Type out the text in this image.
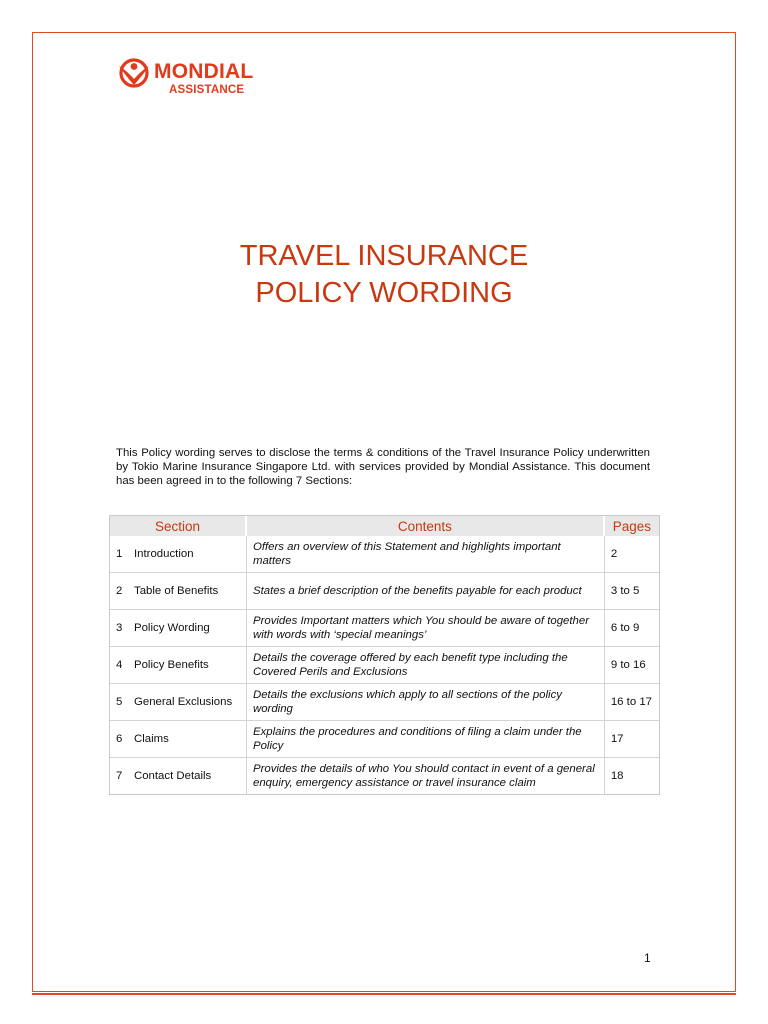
MONDIAL
ASSISTANCE
TRAVEL INSURANCE
POLICY WORDING

This Policy wording serves to disclose the terms & conditions of the Travel Insurance Policy underwritten by Tokio Marine Insurance Singapore Ltd. with services provided by Mondial Assistance. This document has been agreed in to the following 7 Sections:

Section	Contents	Pages
1 Introduction	Offers an overview of this Statement and highlights important matters	2
2 Table of Benefits	States a brief description of the benefits payable for each product	3 to 5
3 Policy Wording	Provides Important matters which You should be aware of together with words with ‘special meanings’	6 to 9
4 Policy Benefits	Details the coverage offered by each benefit type including the Covered Perils and Exclusions	9 to 16
5 General Exclusions	Details the exclusions which apply to all sections of the policy wording	16 to 17
6 Claims	Explains the procedures and conditions of filing a claim under the Policy	17
7 Contact Details	Provides the details of who You should contact in event of a general enquiry, emergency assistance or travel insurance claim	18
1
